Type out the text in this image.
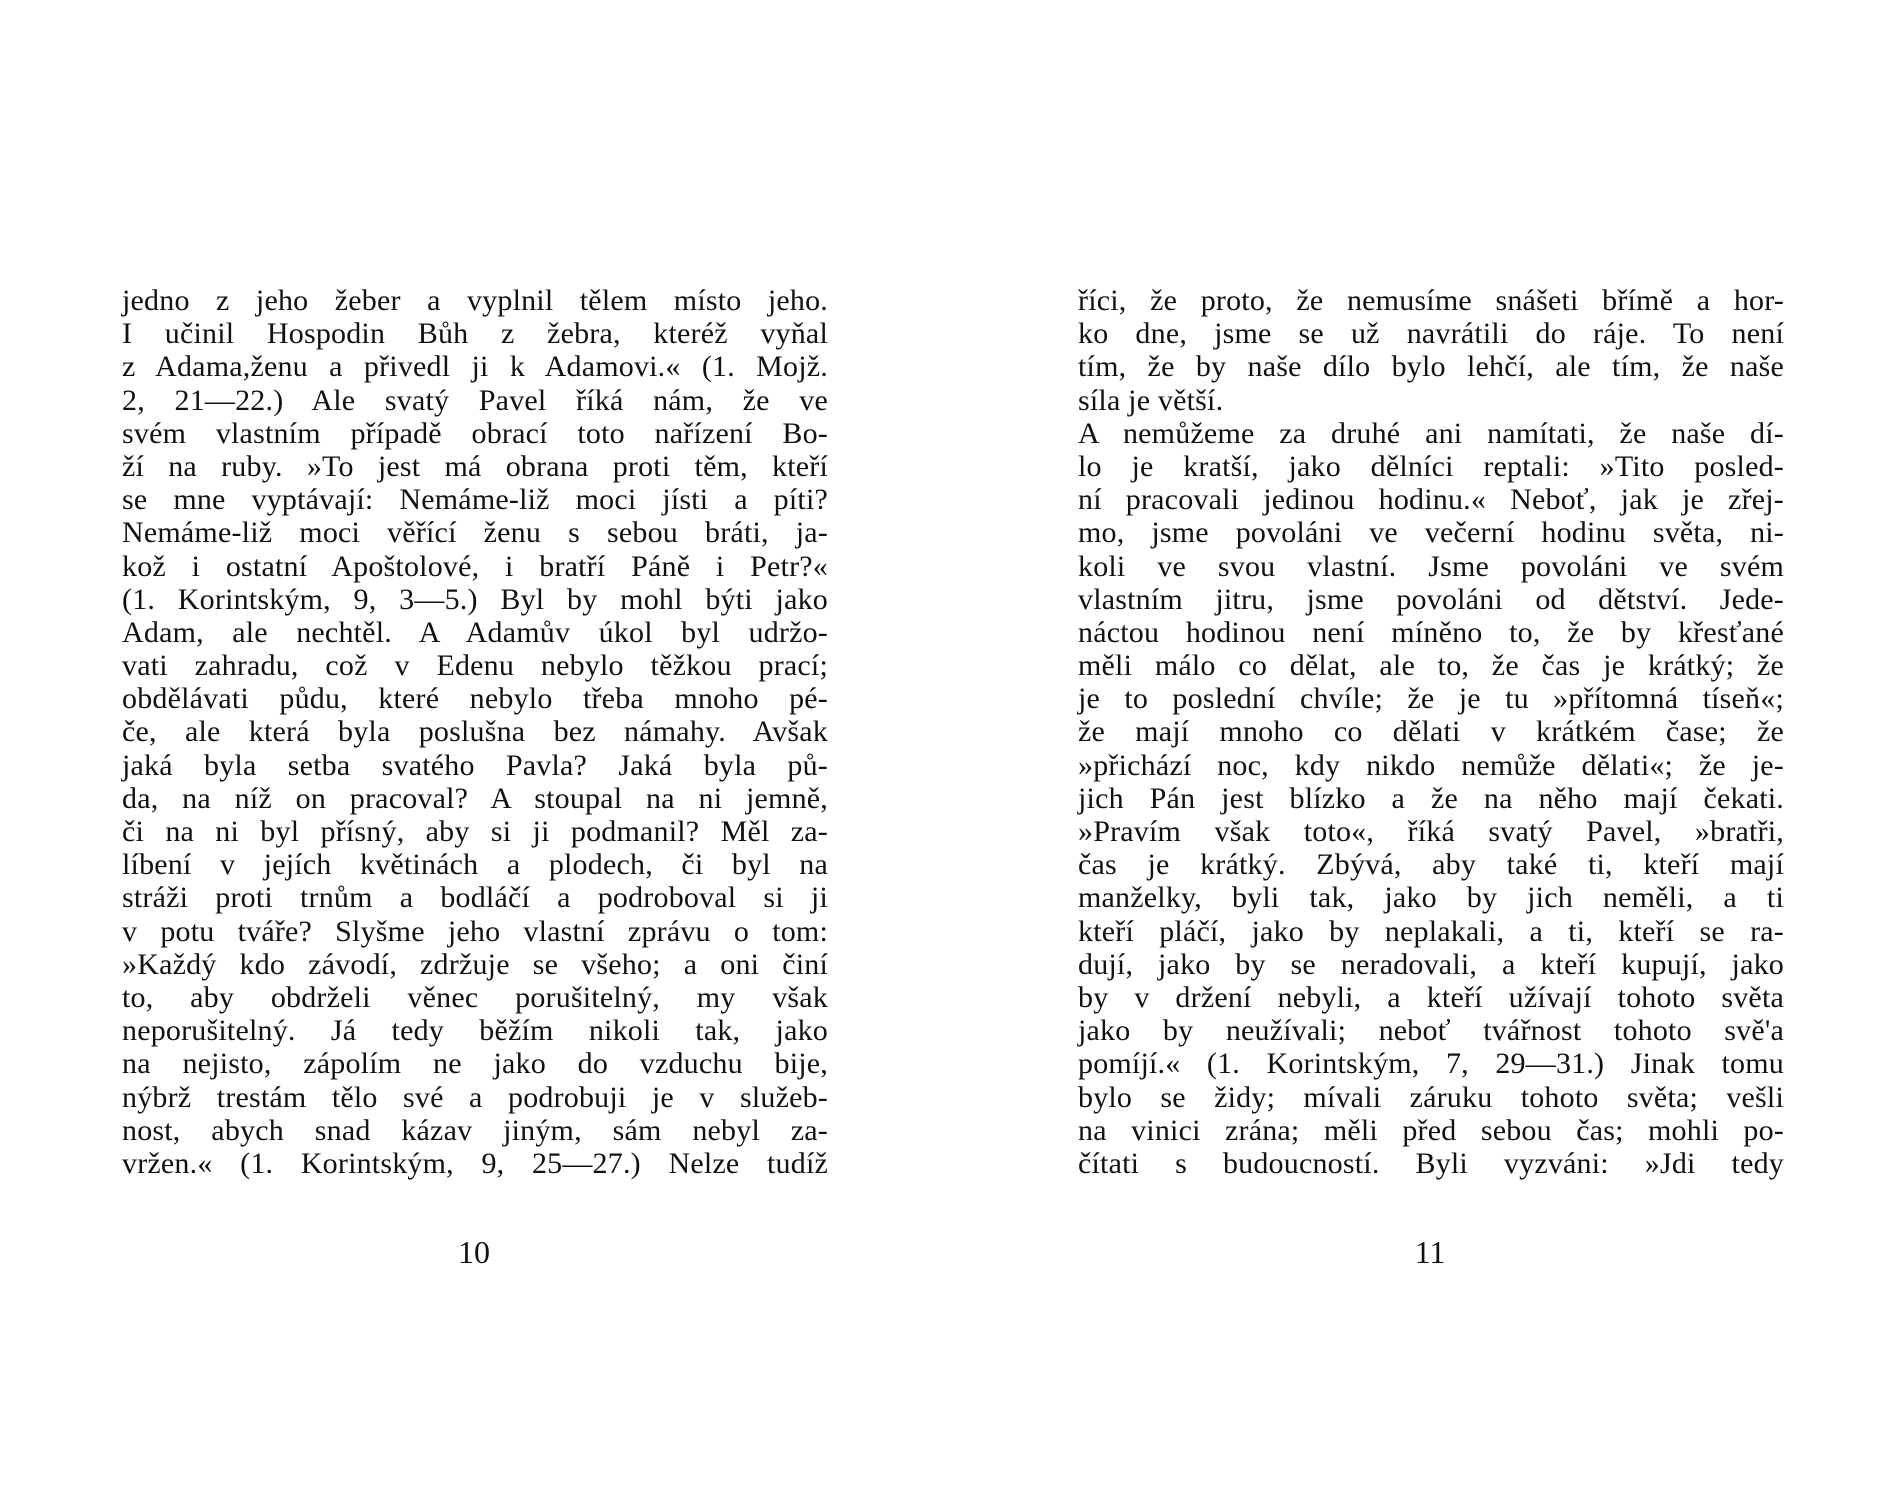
jedno z jeho žeber a vyplnil tělem místo jeho.
I učinil Hospodin Bůh z žebra, kteréž vyňal
z Adama,ženu a přivedl ji k Adamovi.« (1. Mojž.
2, 21—22.) Ale svatý Pavel říká nám, že ve
svém vlastním případě obrací toto nařízení Bo-
ží na ruby. »To jest má obrana proti těm, kteří
se mne vyptávají: Nemáme-liž moci jísti a píti?
Nemáme-liž moci věřící ženu s sebou bráti, ja-
kož i ostatní Apoštolové, i bratří Páně i Petr?«
(1. Korintským, 9, 3—5.) Byl by mohl býti jako
Adam, ale nechtěl. A Adamův úkol byl udržo-
vati zahradu, což v Edenu nebylo těžkou prací;
obdělávati půdu, které nebylo třeba mnoho pé-
če, ale která byla poslušna bez námahy. Avšak
jaká byla setba svatého Pavla? Jaká byla pů-
da, na níž on pracoval? A stoupal na ni jemně,
či na ni byl přísný, aby si ji podmanil? Měl za-
líbení v jejích květinách a plodech, či byl na
stráži proti trnům a bodláčí a podroboval si ji
v potu tváře? Slyšme jeho vlastní zprávu o tom:
»Každý kdo závodí, zdržuje se všeho; a oni činí
to, aby obdrželi věnec porušitelný, my však
neporušitelný. Já tedy běžím nikoli tak, jako
na nejisto, zápolím ne jako do vzduchu bije,
nýbrž trestám tělo své a podrobuji je v služeb-
nost, abych snad kázav jiným, sám nebyl za-
vržen.« (1. Korintským, 9, 25—27.) Nelze tudíž
10
říci, že proto, že nemusíme snášeti břímě a hor-
ko dne, jsme se už navrátili do ráje. To není
tím, že by naše dílo bylo lehčí, ale tím, že naše
síla je větší.
A nemůžeme za druhé ani namítati, že naše dí-
lo je kratší, jako dělníci reptali: »Tito posled-
ní pracovali jedinou hodinu.« Neboť, jak je zřej-
mo, jsme povoláni ve večerní hodinu světa, ni-
koli ve svou vlastní. Jsme povoláni ve svém
vlastním jitru, jsme povoláni od dětství. Jede-
náctou hodinou není míněno to, že by křesťané
měli málo co dělat, ale to, že čas je krátký; že
je to poslední chvíle; že je tu »přítomná tíseň«;
že mají mnoho co dělati v krátkém čase; že
»přichází noc, kdy nikdo nemůže dělati«; že je-
jich Pán jest blízko a že na něho mají čekati.
»Pravím však toto«, říká svatý Pavel, »bratři,
čas je krátký. Zbývá, aby také ti, kteří mají
manželky, byli tak, jako by jich neměli, a ti
kteří pláčí, jako by neplakali, a ti, kteří se ra-
dují, jako by se neradovali, a kteří kupují, jako
by v držení nebyli, a kteří užívají tohoto světa
jako by neužívali; neboť tvářnost tohoto svě'a
pomíjí.« (1. Korintským, 7, 29—31.) Jinak tomu
bylo se židy; mívali záruku tohoto světa; vešli
na vinici zrána; měli před sebou čas; mohli po-
čítati s budoucností. Byli vyzváni: »Jdi tedy
11
